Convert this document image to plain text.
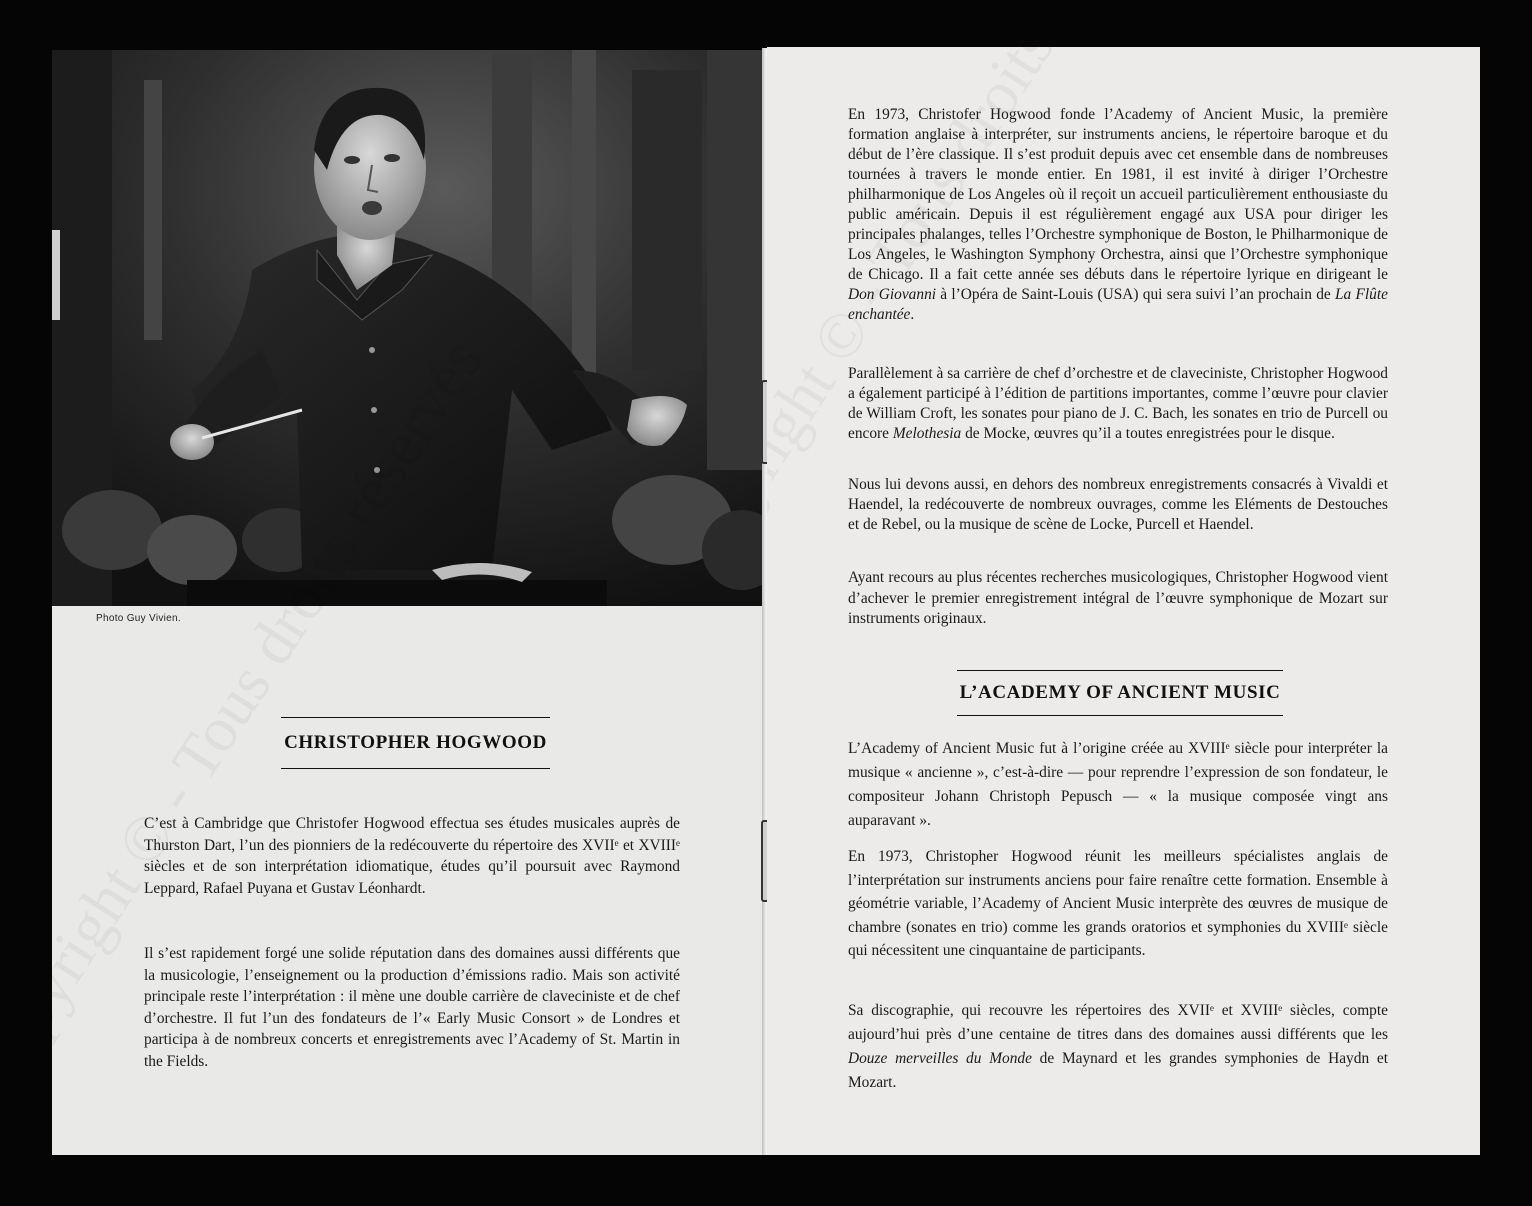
Photo Guy Vivien.
CHRISTOPHER HOGWOOD

C’est à Cambridge que Christofer Hogwood effectua ses études musicales auprès de Thurston Dart, l’un des pionniers de la redécouverte du répertoire des XVIIᵉ et XVIIIᵉ siècles et de son interprétation idiomatique, études qu’il poursuit avec Raymond Leppard, Rafael Puyana et Gustav Léonhardt.

Il s’est rapidement forgé une solide réputation dans des domaines aussi différents que la musicologie, l’enseignement ou la production d’émissions radio. Mais son activité principale reste l’interprétation : il mène une double carrière de claveciniste et de chef d’orchestre. Il fut l’un des fondateurs de l’« Early Music Consort » de Londres et participa à de nombreux concerts et enregistrements avec l’Academy of St. Martin in the Fields.

En 1973, Christofer Hogwood fonde l’Academy of Ancient Music, la première formation anglaise à interpréter, sur instruments anciens, le répertoire baroque et du début de l’ère classique. Il s’est produit depuis avec cet ensemble dans de nombreuses tournées à travers le monde entier. En 1981, il est invité à diriger l’Orchestre philharmonique de Los Angeles où il reçoit un accueil particulièrement enthousiaste du public américain. Depuis il est régulièrement engagé aux USA pour diriger les principales phalanges, telles l’Orchestre symphonique de Boston, le Philharmonique de Los Angeles, le Washington Symphony Orchestra, ainsi que l’Orchestre symphonique de Chicago. Il a fait cette année ses débuts dans le répertoire lyrique en dirigeant le Don Giovanni à l’Opéra de Saint-Louis (USA) qui sera suivi l’an prochain de La Flûte enchantée.

Parallèlement à sa carrière de chef d’orchestre et de claveciniste, Christopher Hogwood a également participé à l’édition de partitions importantes, comme l’œuvre pour clavier de William Croft, les sonates pour piano de J. C. Bach, les sonates en trio de Purcell ou encore Melothesia de Mocke, œuvres qu’il a toutes enregistrées pour le disque.

Nous lui devons aussi, en dehors des nombreux enregistrements consacrés à Vivaldi et Haendel, la redécouverte de nombreux ouvrages, comme les Eléments de Destouches et de Rebel, ou la musique de scène de Locke, Purcell et Haendel.

Ayant recours au plus récentes recherches musicologiques, Christopher Hogwood vient d’achever le premier enregistrement intégral de l’œuvre symphonique de Mozart sur instruments originaux.

L’ACADEMY OF ANCIENT MUSIC

L’Academy of Ancient Music fut à l’origine créée au XVIIIᵉ siècle pour interpréter la musique « ancienne », c’est-à-dire — pour reprendre l’expression de son fondateur, le compositeur Johann Christoph Pepusch — « la musique composée vingt ans auparavant ».

En 1973, Christopher Hogwood réunit les meilleurs spécialistes anglais de l’interprétation sur instruments anciens pour faire renaître cette formation. Ensemble à géométrie variable, l’Academy of Ancient Music interprète des œuvres de musique de chambre (sonates en trio) comme les grands oratorios et symphonies du XVIIIᵉ siècle qui nécessitent une cinquantaine de participants.

Sa discographie, qui recouvre les répertoires des XVIIᵉ et XVIIIᵉ siècles, compte aujourd’hui près d’une centaine de titres dans des domaines aussi différents que les Douze merveilles du Monde de Maynard et les grandes symphonies de Haydn et Mozart.
